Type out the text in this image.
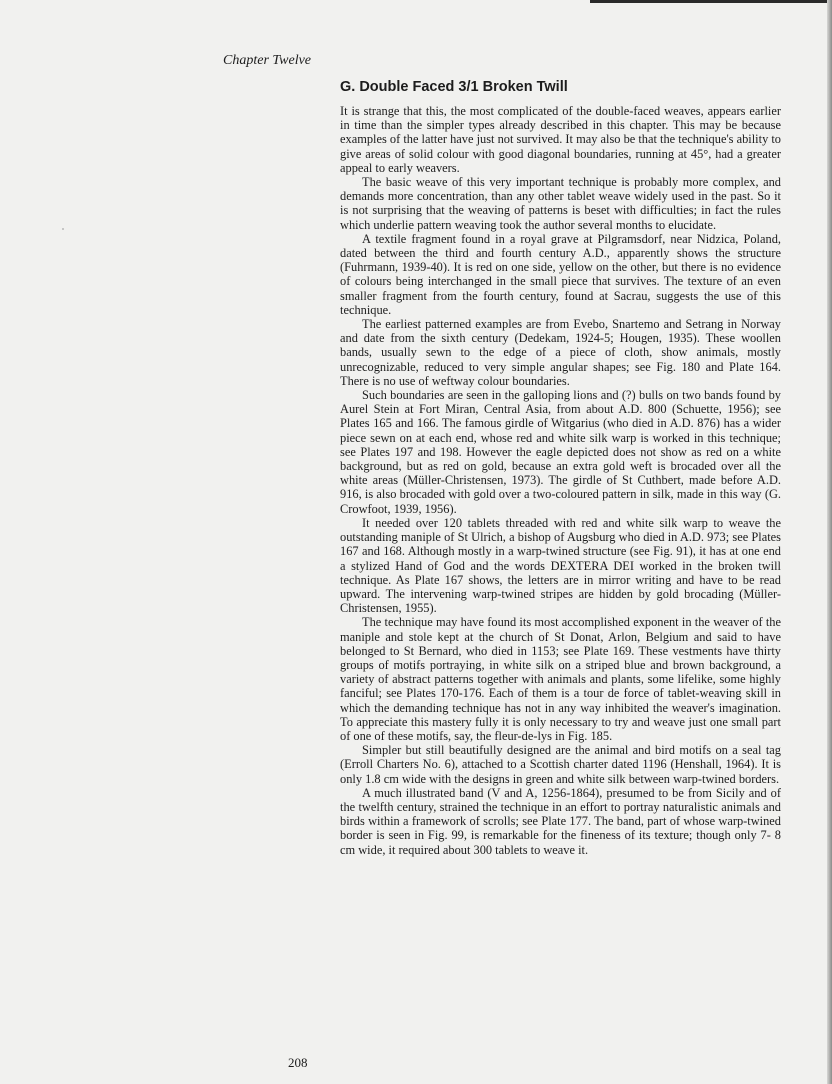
Chapter Twelve

G. Double Faced 3/1 Broken Twill

It is strange that this, the most complicated of the double-faced weaves, appears earlier in time than the simpler types already described in this chapter. This may be because examples of the latter have just not survived. It may also be that the technique's ability to give areas of solid colour with good diagonal boundaries, running at 45°, had a greater appeal to early weavers.

The basic weave of this very important technique is probably more complex, and demands more concentration, than any other tablet weave widely used in the past. So it is not surprising that the weaving of patterns is beset with difficulties; in fact the rules which underlie pattern weaving took the author several months to elucidate.

A textile fragment found in a royal grave at Pilgramsdorf, near Nidzica, Poland, dated between the third and fourth century A.D., apparently shows the structure (Fuhrmann, 1939-40). It is red on one side, yellow on the other, but there is no evidence of colours being interchanged in the small piece that survives. The texture of an even smaller fragment from the fourth century, found at Sacrau, suggests the use of this technique.

The earliest patterned examples are from Evebo, Snartemo and Setrang in Norway and date from the sixth century (Dedekam, 1924-5; Hougen, 1935). These woollen bands, usually sewn to the edge of a piece of cloth, show animals, mostly unrecognizable, reduced to very simple angular shapes; see Fig. 180 and Plate 164. There is no use of weftway colour boundaries.

Such boundaries are seen in the galloping lions and (?) bulls on two bands found by Aurel Stein at Fort Miran, Central Asia, from about A.D. 800 (Schuette, 1956); see Plates 165 and 166. The famous girdle of Witgarius (who died in A.D. 876) has a wider piece sewn on at each end, whose red and white silk warp is worked in this technique; see Plates 197 and 198. However the eagle depicted does not show as red on a white background, but as red on gold, because an extra gold weft is brocaded over all the white areas (Müller-Christensen, 1973). The girdle of St Cuthbert, made before A.D. 916, is also brocaded with gold over a two-coloured pattern in silk, made in this way (G. Crowfoot, 1939, 1956).

It needed over 120 tablets threaded with red and white silk warp to weave the outstanding maniple of St Ulrich, a bishop of Augsburg who died in A.D. 973; see Plates 167 and 168. Although mostly in a warp-twined structure (see Fig. 91), it has at one end a stylized Hand of God and the words DEXTERA DEI worked in the broken twill technique. As Plate 167 shows, the letters are in mirror writing and have to be read upward. The intervening warp-twined stripes are hidden by gold brocading (Müller-Christensen, 1955).

The technique may have found its most accomplished exponent in the weaver of the maniple and stole kept at the church of St Donat, Arlon, Belgium and said to have belonged to St Bernard, who died in 1153; see Plate 169. These vestments have thirty groups of motifs portraying, in white silk on a striped blue and brown background, a variety of abstract patterns together with animals and plants, some lifelike, some highly fanciful; see Plates 170-176. Each of them is a tour de force of tablet-weaving skill in which the demanding technique has not in any way inhibited the weaver's imagination. To appreciate this mastery fully it is only necessary to try and weave just one small part of one of these motifs, say, the fleur-de-lys in Fig. 185.

Simpler but still beautifully designed are the animal and bird motifs on a seal tag (Erroll Charters No. 6), attached to a Scottish charter dated 1196 (Henshall, 1964). It is only 1.8 cm wide with the designs in green and white silk between warp-twined borders.

A much illustrated band (V and A, 1256-1864), presumed to be from Sicily and of the twelfth century, strained the technique in an effort to portray naturalistic animals and birds within a framework of scrolls; see Plate 177. The band, part of whose warp-twined border is seen in Fig. 99, is remarkable for the fineness of its texture; though only 7- 8 cm wide, it required about 300 tablets to weave it.

208
